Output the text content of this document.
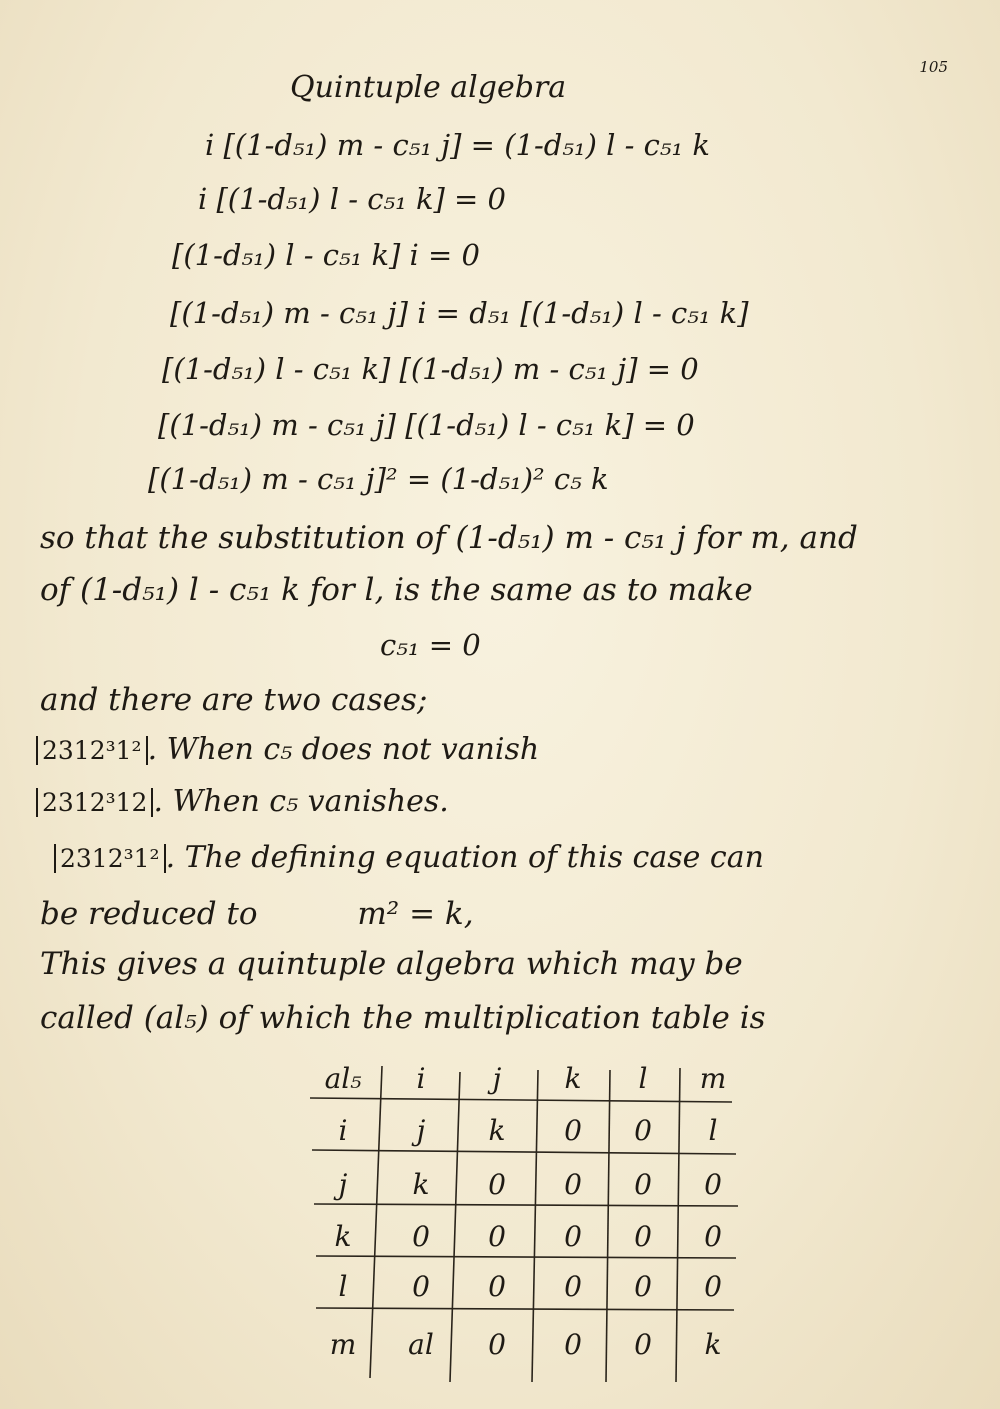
105
Quintuple algebra
i [(1-d₅₁) m - c₅₁ j] = (1-d₅₁) l - c₅₁ k
i [(1-d₅₁) l - c₅₁ k] = 0
[(1-d₅₁) l - c₅₁ k] i = 0
[(1-d₅₁) m - c₅₁ j] i = d₅₁ [(1-d₅₁) l - c₅₁ k]
[(1-d₅₁) l - c₅₁ k] [(1-d₅₁) m - c₅₁ j] = 0
[(1-d₅₁) m - c₅₁ j] [(1-d₅₁) l - c₅₁ k] = 0
[(1-d₅₁) m - c₅₁ j]² = (1-d₅₁)² c₅ k
so that the substitution of (1-d₅₁) m - c₅₁ j for m, and
of (1-d₅₁) l - c₅₁ k for l, is the same as to make
c₅₁ = 0
and there are two cases;
2312³1² . When c₅ does not vanish
2312³12 . When c₅ vanishes.
2312³1² . The defining equation of this case can
be reduced to	m² = k,
This gives a quintuple algebra which may be
called (al₅) of which the multiplication table is
al₅	i	j	k	l	m
i	j	k	0	0	l
j	k	0	0	0	0
k	0	0	0	0	0
l	0	0	0	0	0
m	al	0	0	0	k
